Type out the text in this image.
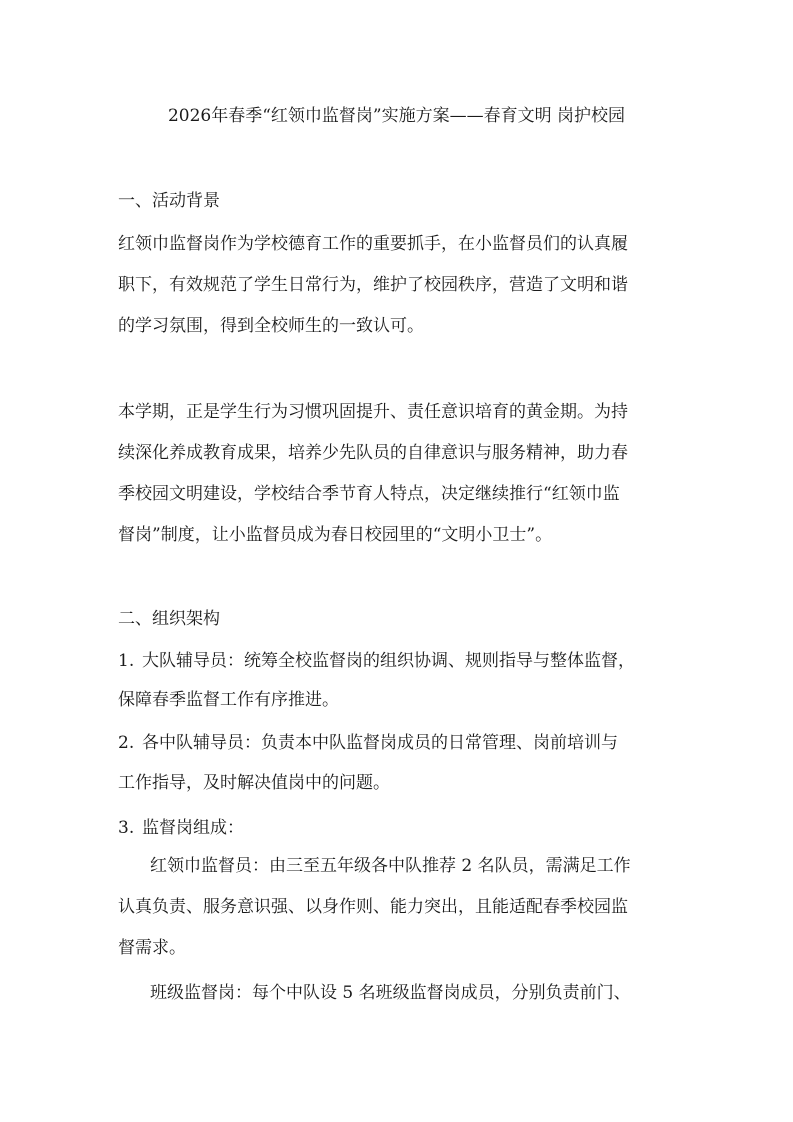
2026年春季“红领巾监督岗”实施方案——春育文明 岗护校园
一、活动背景
红领巾监督岗作为学校德育工作的重要抓手，在小监督员们的认真履
职下，有效规范了学生日常行为，维护了校园秩序，营造了文明和谐
的学习氛围，得到全校师生的一致认可。
本学期，正是学生行为习惯巩固提升、责任意识培育的黄金期。为持
续深化养成教育成果，培养少先队员的自律意识与服务精神，助力春
季校园文明建设，学校结合季节育人特点，决定继续推行“红领巾监
督岗”制度，让小监督员成为春日校园里的“文明小卫士”。
二、组织架构
1. 大队辅导员：统筹全校监督岗的组织协调、规则指导与整体监督，
保障春季监督工作有序推进。
2. 各中队辅导员：负责本中队监督岗成员的日常管理、岗前培训与
工作指导，及时解决值岗中的问题。
3. 监督岗组成：
红领巾监督员：由三至五年级各中队推荐 2 名队员，需满足工作
认真负责、服务意识强、以身作则、能力突出，且能适配春季校园监
督需求。
班级监督岗：每个中队设 5 名班级监督岗成员，分别负责前门、
